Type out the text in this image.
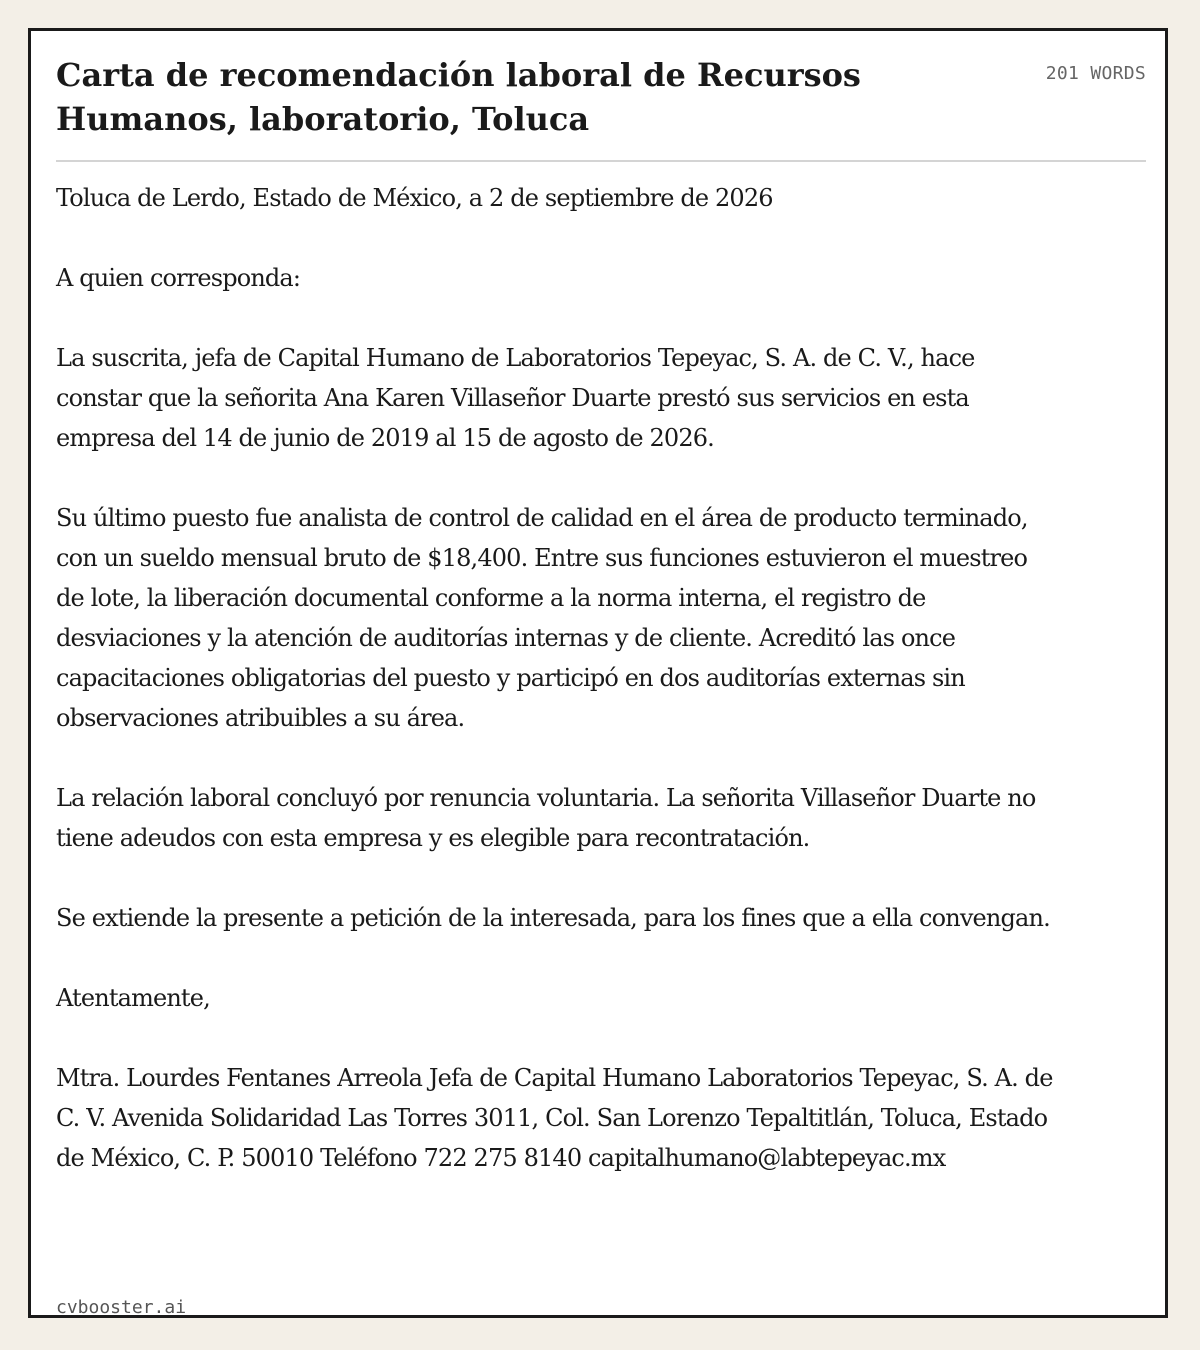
Carta de recomendación laboral de Recursos Humanos, laboratorio, Toluca
201 WORDS

Toluca de Lerdo, Estado de México, a 2 de septiembre de 2026

A quien corresponda:

La suscrita, jefa de Capital Humano de Laboratorios Tepeyac, S. A. de C. V., hace constar que la señorita Ana Karen Villaseñor Duarte prestó sus servicios en esta empresa del 14 de junio de 2019 al 15 de agosto de 2026.

Su último puesto fue analista de control de calidad en el área de producto terminado, con un sueldo mensual bruto de $18,400. Entre sus funciones estuvieron el muestreo de lote, la liberación documental conforme a la norma interna, el registro de desviaciones y la atención de auditorías internas y de cliente. Acreditó las once capacitaciones obligatorias del puesto y participó en dos auditorías externas sin observaciones atribuibles a su área.

La relación laboral concluyó por renuncia voluntaria. La señorita Villaseñor Duarte no tiene adeudos con esta empresa y es elegible para recontratación.

Se extiende la presente a petición de la interesada, para los fines que a ella convengan.

Atentamente,

Mtra. Lourdes Fentanes Arreola Jefa de Capital Humano Laboratorios Tepeyac, S. A. de C. V. Avenida Solidaridad Las Torres 3011, Col. San Lorenzo Tepaltitlán, Toluca, Estado de México, C. P. 50010 Teléfono 722 275 8140 capitalhumano@labtepeyac.mx

cvbooster.ai
